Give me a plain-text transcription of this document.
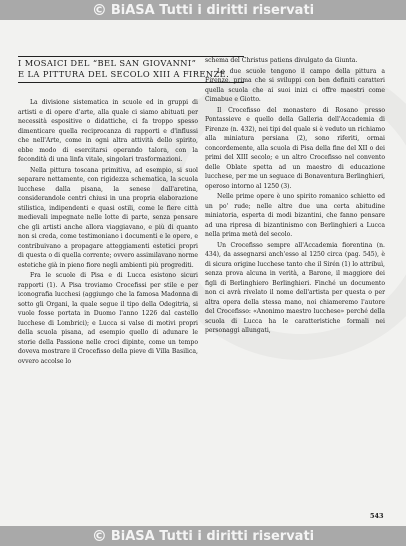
© BiASA Tutti i diritti riservati
I MOSAICI DEL “BEL SAN GIOVANNI”
E LA PITTURA DEL SECOLO XIII A FIRENZE.

La divisione sistematica in scuole ed in gruppi di artisti e di opere d'arte, alla quale ci siamo abituati per necessità espositive o didattiche, ci fa troppo spesso dimenticare quella reciprocanza di rapporti e d'influssi che nell'Arte, come in ogni altra attività dello spirito, ebbe modo di esercitarsi operando talora, con la fecondità di una linfa vitale, singolari trasformazioni.

Nella pittura toscana primitiva, ad esempio, si suol separare nettamente, con rigidezza schematica, la scuola lucchese dalla pisana, la senese dall'aretina, considerandole centri chiusi in una propria elaborazione stilistica, indipendenti e quasi ostili, come le fiere città medievali impegnate nelle lotte di parte, senza pensare che gli artisti anche allora viaggiavano, e più di quanto non si creda, come testimoniano i documenti e le opere, e contribuivano a propagare atteggiamenti estetici propri di questa o di quella corrente; ovvero assimilavano norme estetiche già in pieno fiore negli ambienti più progrediti.

Fra le scuole di Pisa e di Lucca esistono sicuri rapporti (1). A Pisa troviamo Crocefissi per stile e per iconografia lucchesi (aggiungo che la famosa Madonna di sotto gli Organi, la quale segue il tipo della Odegitria, si vuole fosse portata in Duomo l'anno 1226 dal castello lucchese di Lombrici); e Lucca si valse di motivi propri della scuola pisana, ad esempio quello di adunare le storie della Passione nelle croci dipinte, come un tempo doveva mostrare il Crocefisso della pieve di Villa Basilica, ovvero accolse lo

schema del Christus patiens divulgato da Giunta.

Le due scuole tengono il campo della pittura a Firenze, prima che si sviluppi con ben definiti caratteri quella scuola che ai suoi inizi ci offre maestri come Cimabue e Giotto.

Il Crocefisso del monastero di Rosano presso Pontassieve e quello della Galleria dell'Accademia di Firenze (n. 432), nei tipi del quale si è veduto un richiamo alla miniatura persiana (2), sono riferiti, ormai concordemente, alla scuola di Pisa della fine del XII o dei primi del XIII secolo; e un altro Crocefisso nel convento delle Oblate spetta ad un maestro di educazione lucchese, per me un seguace di Bonaventura Berlinghieri, operoso intorno al 1250 (3).

Nelle prime opere è uno spirito romanico schietto ed un po' rude; nelle altre due una certa abitudine miniatoria, esperta di modi bizantini, che fanno pensare ad una ripresa di bizantinismo con Berlinghieri a Lucca nella prima metà del secolo.

Un Crocefisso sempre all'Accademia fiorentina (n. 434), da assegnarsi anch'esso al 1250 circa (pag. 545), è di sicura origine lucchese tanto che il Sirén (1) lo attribuì, senza prova alcuna in verità, a Barone, il maggiore dei figli di Berlinghiero Berlinghieri. Finché un documento non ci avrà rivelato il nome dell'artista per questa o per altra opera della stessa mano, noi chiameremo l'autore del Crocefisso: «Anonimo maestro lucchese» perché della scuola di Lucca ha le caratteristiche formali nei personaggi allungati,

543
© BiASA Tutti i diritti riservati
